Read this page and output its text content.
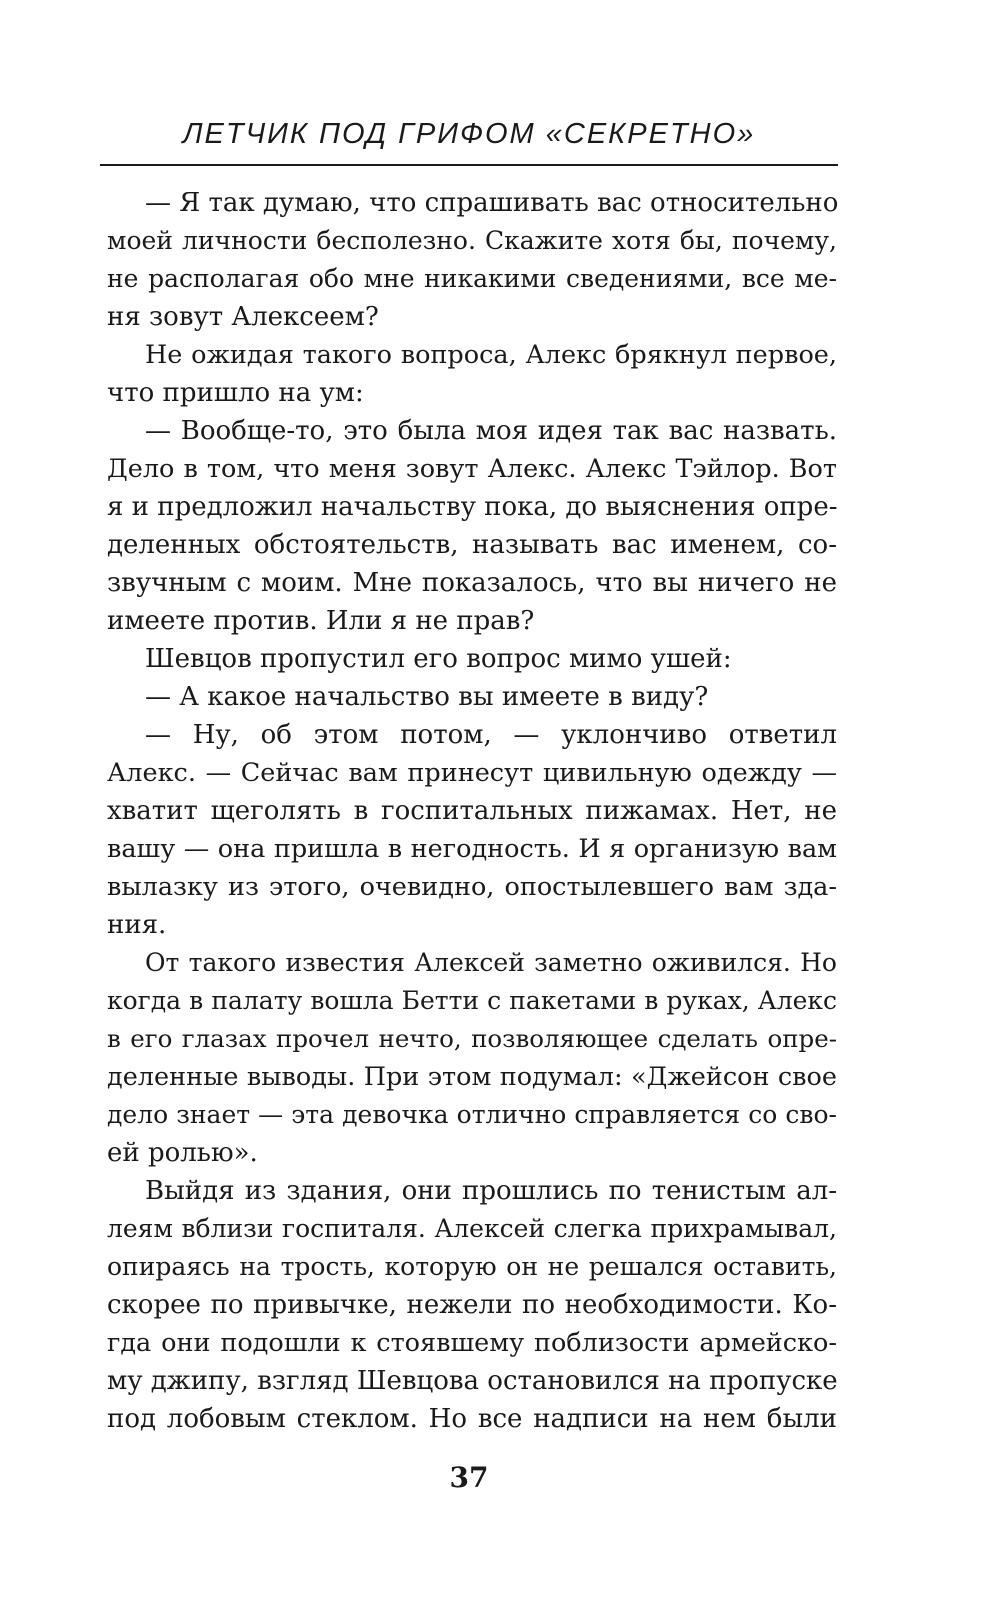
ЛЕТЧИК ПОД ГРИФОМ «СЕКРЕТНО»
— Я так думаю, что спрашивать вас относительно
моей личности бесполезно. Скажите хотя бы, почему,
не располагая обо мне никакими сведениями, все ме-
ня зовут Алексеем?
Не ожидая такого вопроса, Алекс брякнул первое,
что пришло на ум:
— Вообще-то, это была моя идея так вас назвать.
Дело в том, что меня зовут Алекс. Алекс Тэйлор. Вот
я и предложил начальству пока, до выяснения опре-
деленных обстоятельств, называть вас именем, со-
звучным с моим. Мне показалось, что вы ничего не
имеете против. Или я не прав?
Шевцов пропустил его вопрос мимо ушей:
— А какое начальство вы имеете в виду?
— Ну, об этом потом, — уклончиво ответил
Алекс. — Сейчас вам принесут цивильную одежду —
хватит щеголять в госпитальных пижамах. Нет, не
вашу — она пришла в негодность. И я организую вам
вылазку из этого, очевидно, опостылевшего вам зда-
ния.
От такого известия Алексей заметно оживился. Но
когда в палату вошла Бетти с пакетами в руках, Алекс
в его глазах прочел нечто, позволяющее сделать опре-
деленные выводы. При этом подумал: «Джейсон свое
дело знает — эта девочка отлично справляется со сво-
ей ролью».
Выйдя из здания, они прошлись по тенистым ал-
леям вблизи госпиталя. Алексей слегка прихрамывал,
опираясь на трость, которую он не решался оставить,
скорее по привычке, нежели по необходимости. Ко-
гда они подошли к стоявшему поблизости армейско-
му джипу, взгляд Шевцова остановился на пропуске
под лобовым стеклом. Но все надписи на нем были
37
